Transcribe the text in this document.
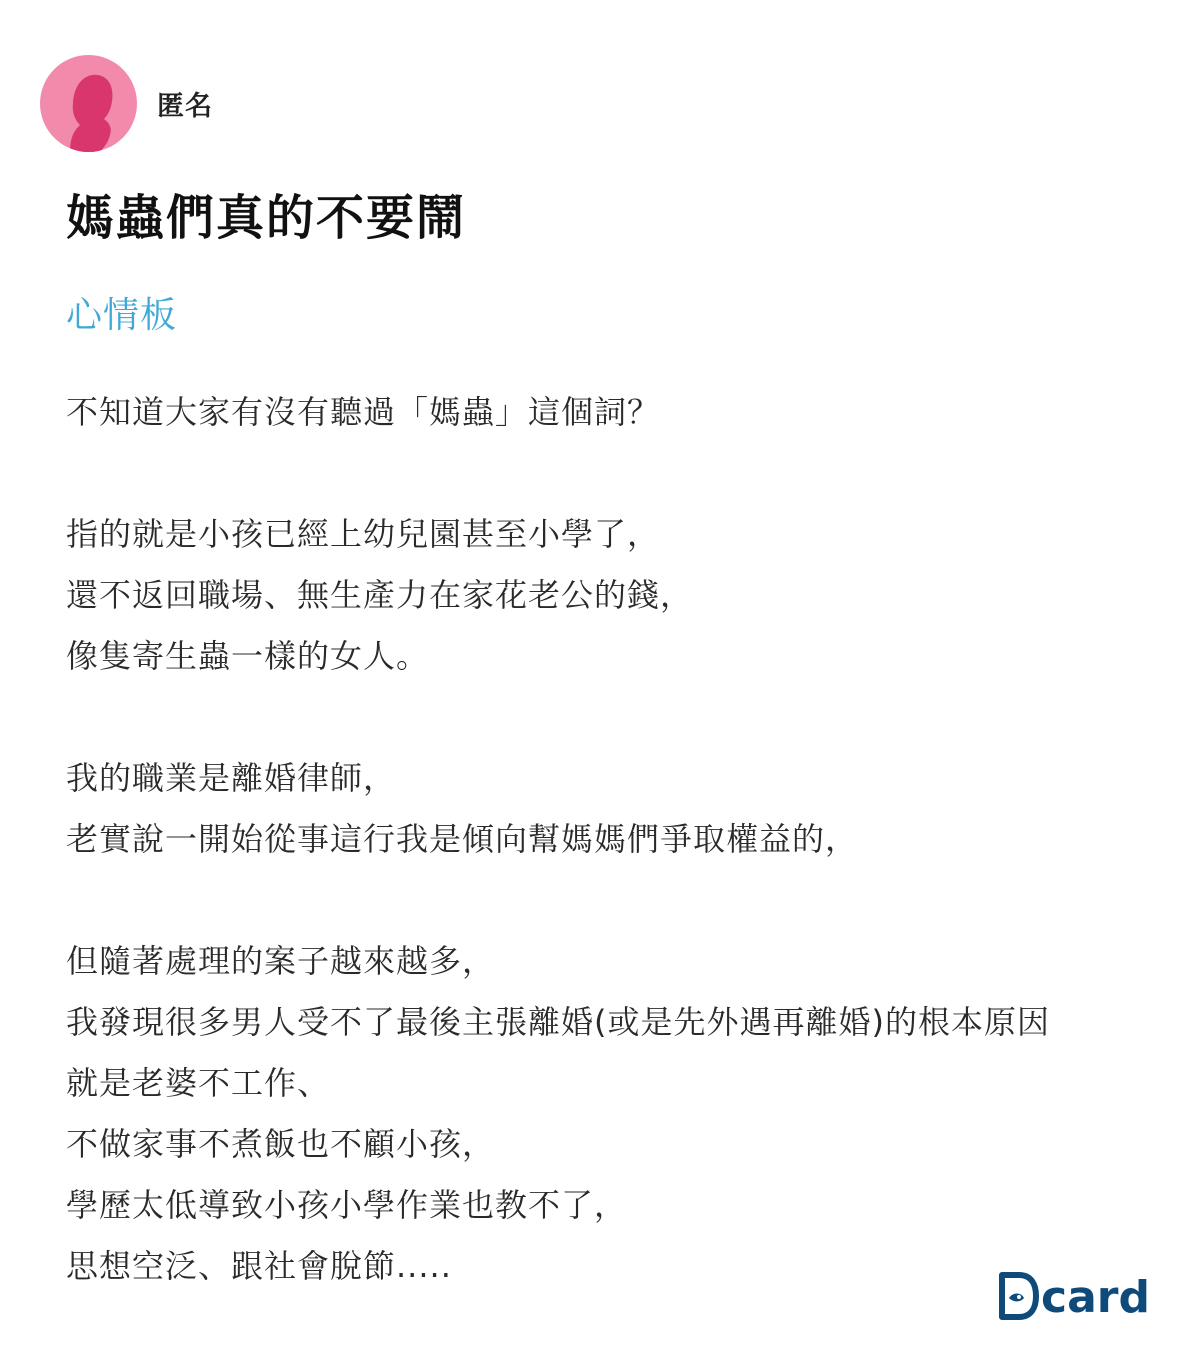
匿名
媽蟲們真的不要鬧
心情板

不知道大家有沒有聽過「媽蟲」這個詞？

指的就是小孩已經上幼兒園甚至小學了，
還不返回職場、無生產力在家花老公的錢，
像隻寄生蟲一樣的女人。

我的職業是離婚律師，
老實說一開始從事這行我是傾向幫媽媽們爭取權益的，

但隨著處理的案子越來越多，
我發現很多男人受不了最後主張離婚(或是先外遇再離婚)的根本原因
就是老婆不工作、
不做家事不煮飯也不顧小孩，
學歷太低導致小孩小學作業也教不了，
思想空泛、跟社會脫節.....

card
